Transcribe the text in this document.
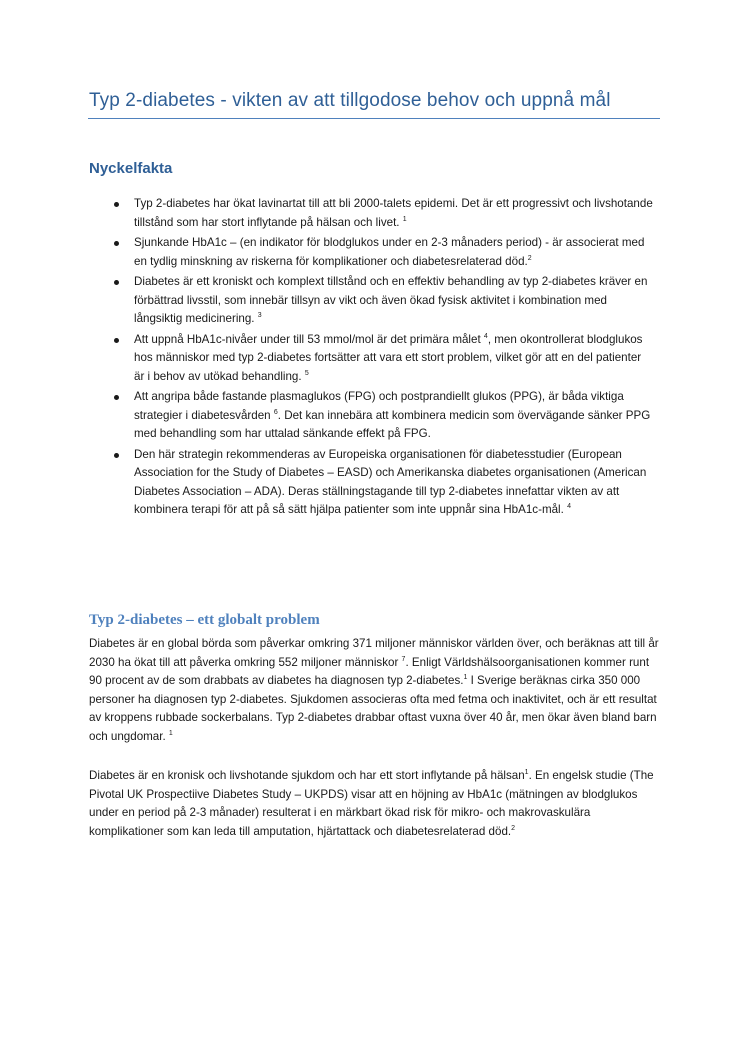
Typ 2-diabetes - vikten av att tillgodose behov och uppnå mål
Nyckelfakta
Typ 2-diabetes har ökat lavinartat till att bli 2000-talets epidemi. Det är ett progressivt och livshotande tillstånd som har stort inflytande på hälsan och livet. $^1$
Sjunkande HbA1c – (en indikator för blodglukos under en 2-3 månaders period) - är associerat med en tydlig minskning av riskerna för komplikationer och diabetesrelaterad död.$^2$
Diabetes är ett kroniskt och komplext tillstånd och en effektiv behandling av typ 2-diabetes kräver en förbättrad livsstil, som innebär tillsyn av vikt och även ökad fysisk aktivitet i kombination med långsiktig medicinering. $^3$
Att uppnå HbA1c-nivåer under till 53 mmol/mol är det primära målet $^4$, men okontrollerat blodglukos hos människor med typ 2-diabetes fortsätter att vara ett stort problem, vilket gör att en del patienter är i behov av utökad behandling. $^5$
Att angripa både fastande plasmaglukos (FPG) och postprandiellt glukos (PPG), är båda viktiga strategier i diabetesvården $^6$. Det kan innebära att kombinera medicin som övervägande sänker PPG med behandling som har uttalad sänkande effekt på FPG.
Den här strategin rekommenderas av Europeiska organisationen för diabetesstudier (European Association for the Study of Diabetes – EASD) och Amerikanska diabetes organisationen (American Diabetes Association – ADA). Deras ställningstagande till typ 2-diabetes innefattar vikten av att kombinera terapi för att på så sätt hjälpa patienter som inte uppnår sina HbA1c-mål. $^4$
Typ 2-diabetes – ett globalt problem

Diabetes är en global börda som påverkar omkring 371 miljoner människor världen över, och beräknas att till år 2030 ha ökat till att påverka omkring 552 miljoner människor $^7$. Enligt Världshälsoorganisationen kommer runt 90 procent av de som drabbats av diabetes ha diagnosen typ 2-diabetes.$^1$ I Sverige beräknas cirka 350 000 personer ha diagnosen typ 2-diabetes. Sjukdomen associeras ofta med fetma och inaktivitet, och är ett resultat av kroppens rubbade sockerbalans. Typ 2-diabetes drabbar oftast vuxna över 40 år, men ökar även bland barn och ungdomar. $^1$

Diabetes är en kronisk och livshotande sjukdom och har ett stort inflytande på hälsan$^1$. En engelsk studie (The Pivotal UK Prospectiive Diabetes Study – UKPDS) visar att en höjning av HbA1c (mätningen av blodglukos under en period på 2-3 månader) resulterat i en märkbart ökad risk för mikro- och makrovaskulära komplikationer som kan leda till amputation, hjärtattack och diabetesrelaterad död.$^2$
